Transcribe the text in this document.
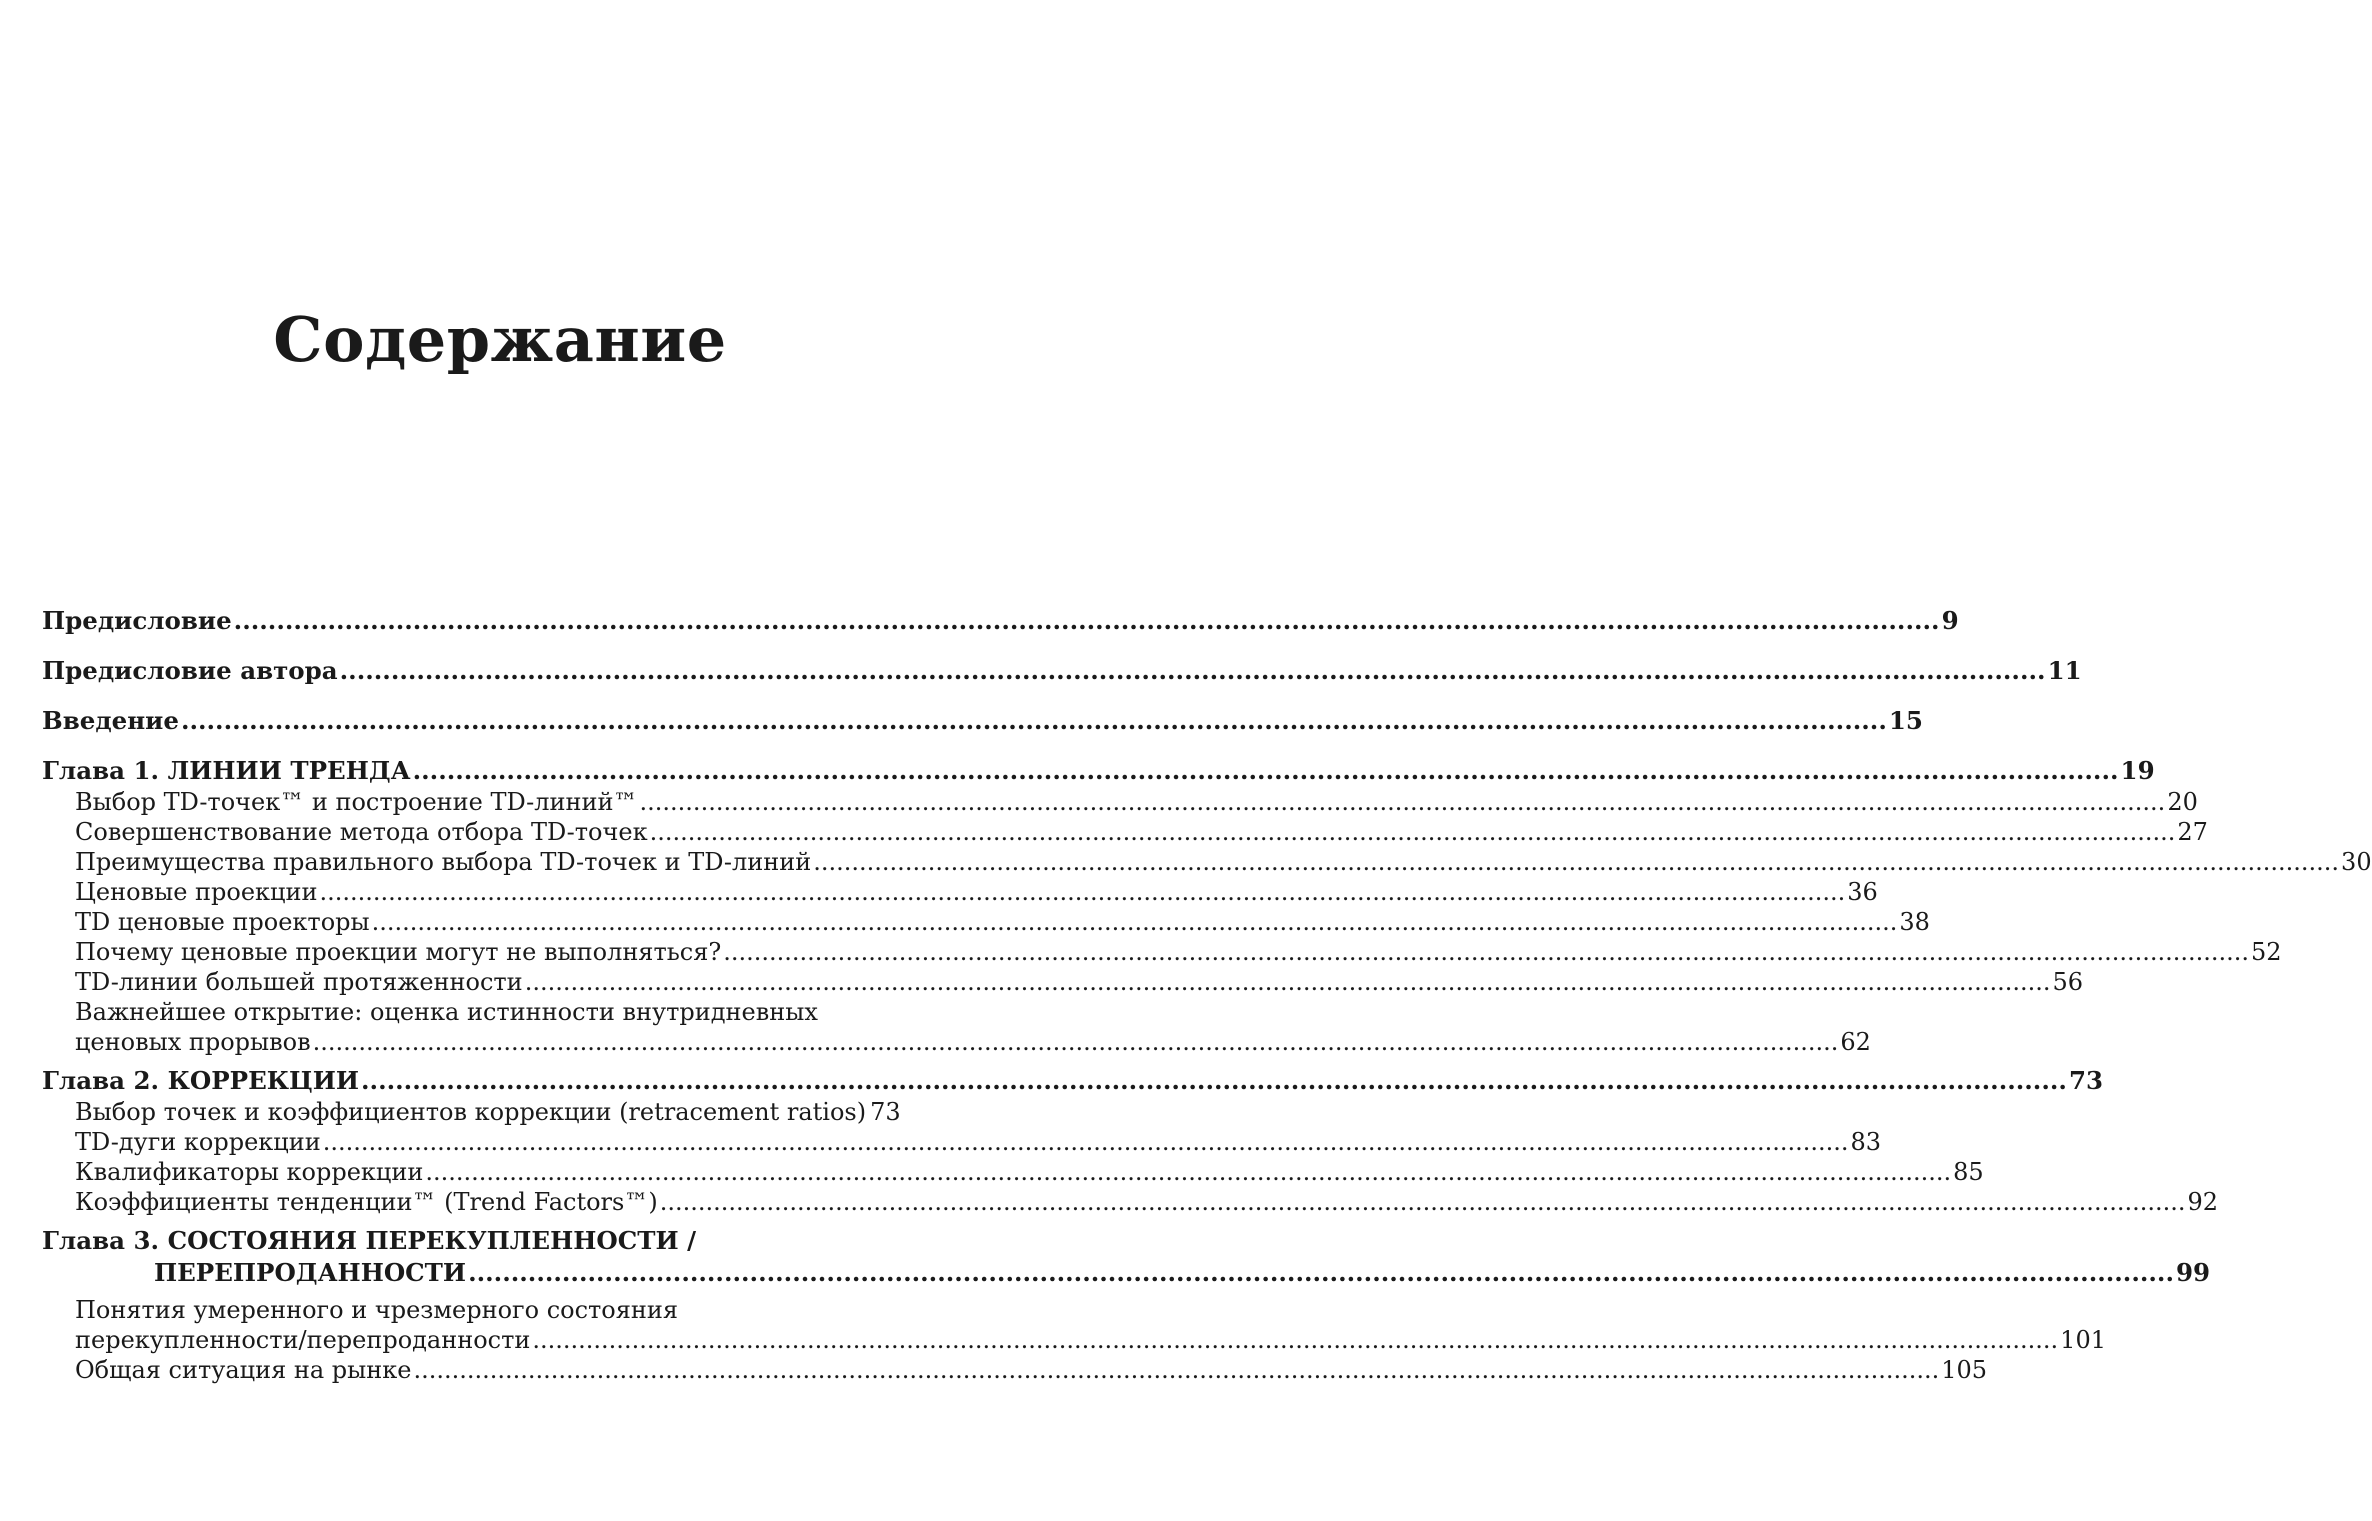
Содержание
Предисловие ........................................................................................................................................................................................................ 9
Предисловие автора ........................................................................................................................................................................................................ 11
Введение ........................................................................................................................................................................................................ 15
Глава 1. ЛИНИИ ТРЕНДА ........................................................................................................................................................................................................ 19
Выбор TD-точек™ и построение TD-линий™ ........................................................................................................................................................................................................ 20
Совершенствование метода отбора TD-точек ........................................................................................................................................................................................................ 27
Преимущества правильного выбора TD-точек и TD-линий ........................................................................................................................................................................................................ 30
Ценовые проекции ........................................................................................................................................................................................................ 36
TD ценовые проекторы ........................................................................................................................................................................................................ 38
Почему ценовые проекции могут не выполняться? ........................................................................................................................................................................................................ 52
TD-линии большей протяженности ........................................................................................................................................................................................................ 56
Важнейшее открытие: оценка истинности внутридневных
ценовых прорывов ........................................................................................................................................................................................................ 62
Глава 2. КОРРЕКЦИИ ........................................................................................................................................................................................................ 73
Выбор точек и коэффициентов коррекции (retracement ratios) 73
TD-дуги коррекции ........................................................................................................................................................................................................ 83
Квалификаторы коррекции ........................................................................................................................................................................................................ 85
Коэффициенты тенденции™ (Trend Factors™) ........................................................................................................................................................................................................ 92
Глава 3. СОСТОЯНИЯ ПЕРЕКУПЛЕННОСТИ /
ПЕРЕПРОДАННОСТИ ........................................................................................................................................................................................................ 99
Понятия умеренного и чрезмерного состояния
перекупленности/перепроданности ........................................................................................................................................................................................................ 101
Общая ситуация на рынке ........................................................................................................................................................................................................ 105
